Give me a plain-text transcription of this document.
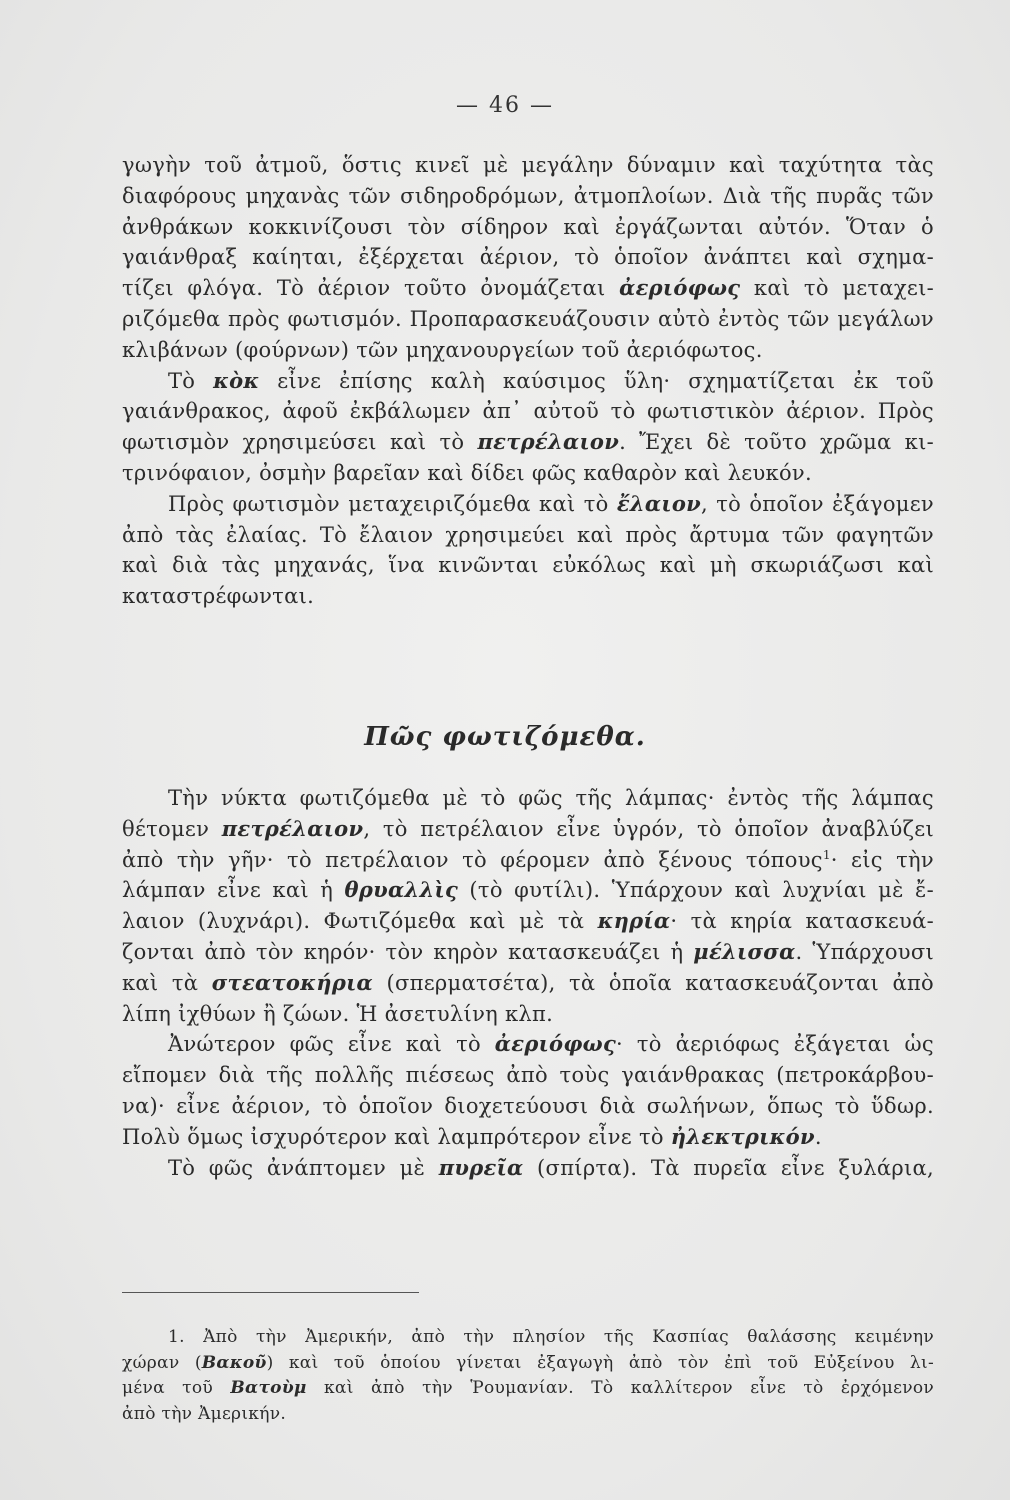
— 46 —
γωγὴν τοῦ ἀτμοῦ, ὅστις κινεῖ μὲ μεγάλην δύναμιν καὶ ταχύτητα τὰς
διαφόρους μηχανὰς τῶν σιδηροδρόμων, ἀτμοπλοίων. Διὰ τῆς πυρᾶς τῶν
ἀνθράκων κοκκινίζουσι τὸν σίδηρον καὶ ἐργάζωνται αὐτόν. Ὅταν ὁ
γαιάνθραξ καίηται, ἐξέρχεται ἀέριον, τὸ ὁποῖον ἀνάπτει καὶ σχημα-
τίζει φλόγα. Τὸ ἀέριον τοῦτο ὀνομάζεται ἀεριόφως καὶ τὸ μεταχει-
ριζόμεθα πρὸς φωτισμόν. Προπαρασκευάζουσιν αὐτὸ ἐντὸς τῶν μεγάλων
κλιβάνων (φούρνων) τῶν μηχανουργείων τοῦ ἀεριόφωτος.
Τὸ κὸκ εἶνε ἐπίσης καλὴ καύσιμος ὕλη· σχηματίζεται ἐκ τοῦ
γαιάνθρακος, ἀφοῦ ἐκβάλωμεν ἀπ᾽ αὐτοῦ τὸ φωτιστικὸν ἀέριον. Πρὸς
φωτισμὸν χρησιμεύσει καὶ τὸ πετρέλαιον. Ἔχει δὲ τοῦτο χρῶμα κι-
τρινόφαιον, ὀσμὴν βαρεῖαν καὶ δίδει φῶς καθαρὸν καὶ λευκόν.
Πρὸς φωτισμὸν μεταχειριζόμεθα καὶ τὸ ἔλαιον, τὸ ὁποῖον ἐξάγομεν
ἀπὸ τὰς ἐλαίας. Τὸ ἔλαιον χρησιμεύει καὶ πρὸς ἄρτυμα τῶν φαγητῶν
καὶ διὰ τὰς μηχανάς, ἵνα κινῶνται εὐκόλως καὶ μὴ σκωριάζωσι καὶ
καταστρέφωνται.
Πῶς φωτιζόμεθα.
Τὴν νύκτα φωτιζόμεθα μὲ τὸ φῶς τῆς λάμπας· ἐντὸς τῆς λάμπας
θέτομεν πετρέλαιον, τὸ πετρέλαιον εἶνε ὑγρόν, τὸ ὁποῖον ἀναβλύζει
ἀπὸ τὴν γῆν· τὸ πετρέλαιον τὸ φέρομεν ἀπὸ ξένους τόπους$^1$· εἰς τὴν
λάμπαν εἶνε καὶ ἡ θρυαλλὶς (τὸ φυτίλι). Ὑπάρχουν καὶ λυχνίαι μὲ ἔ-
λαιον (λυχνάρι). Φωτιζόμεθα καὶ μὲ τὰ κηρία· τὰ κηρία κατασκευά-
ζονται ἀπὸ τὸν κηρόν· τὸν κηρὸν κατασκευάζει ἡ μέλισσα. Ὑπάρχουσι
καὶ τὰ στεατοκήρια (σπερματσέτα), τὰ ὁποῖα κατασκευάζονται ἀπὸ
λίπη ἰχθύων ἢ ζώων. Ἡ ἀσετυλίνη κλπ.
Ἀνώτερον φῶς εἶνε καὶ τὸ ἀεριόφως· τὸ ἀεριόφως ἐξάγεται ὡς
εἴπομεν διὰ τῆς πολλῆς πιέσεως ἀπὸ τοὺς γαιάνθρακας (πετροκάρβου-
να)· εἶνε ἀέριον, τὸ ὁποῖον διοχετεύουσι διὰ σωλήνων, ὅπως τὸ ὕδωρ.
Πολὺ ὅμως ἰσχυρότερον καὶ λαμπρότερον εἶνε τὸ ἠλεκτρικόν.
Τὸ φῶς ἀνάπτομεν μὲ πυρεῖα (σπίρτα). Τὰ πυρεῖα εἶνε ξυλάρια,
1. Ἀπὸ τὴν Ἀμερικήν, ἀπὸ τὴν πλησίον τῆς Κασπίας θαλάσσης κειμένην
χώραν (Βακοῦ) καὶ τοῦ ὁποίου γίνεται ἐξαγωγὴ ἀπὸ τὸν ἐπὶ τοῦ Εὐξείνου λι-
μένα τοῦ Βατοὺμ καὶ ἀπὸ τὴν Ῥουμανίαν. Τὸ καλλίτερον εἶνε τὸ ἐρχόμενον
ἀπὸ τὴν Ἀμερικήν.
